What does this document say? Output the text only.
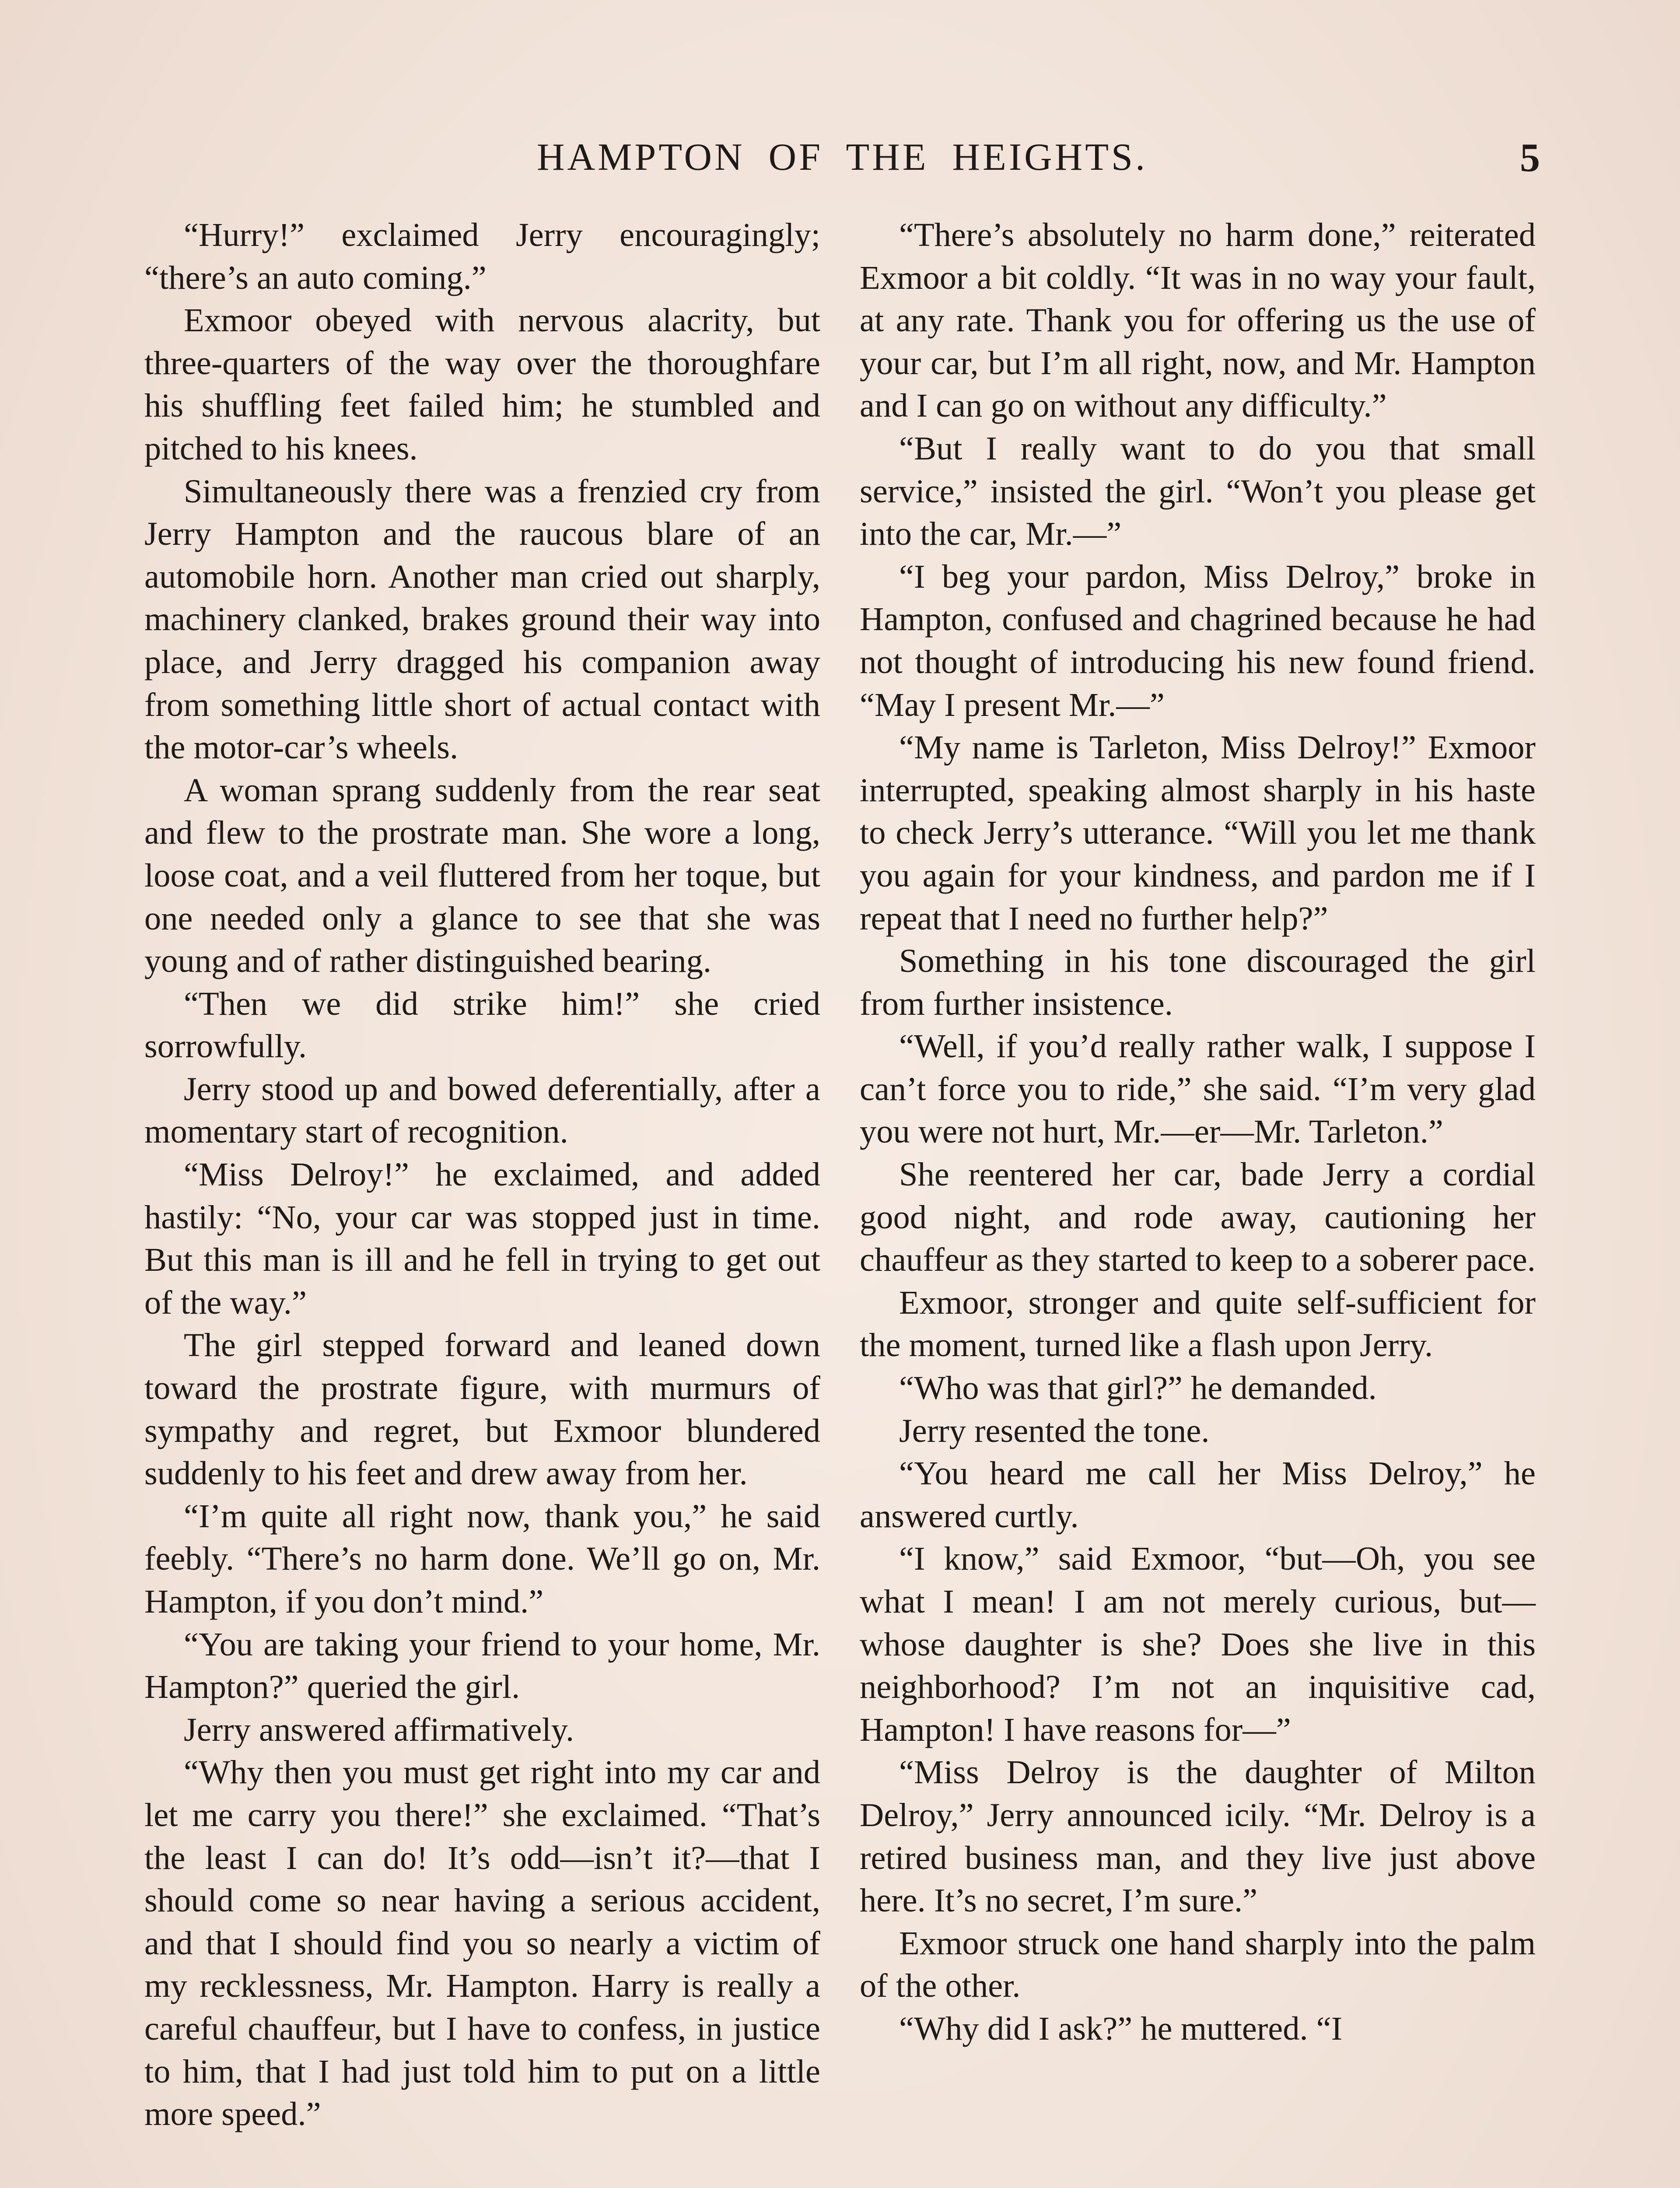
HAMPTON OF THE HEIGHTS.	5

“Hurry!” exclaimed Jerry encouragingly; “there’s an auto coming.”

Exmoor obeyed with nervous alacrity, but three-quarters of the way over the thoroughfare his shuffling feet failed him; he stumbled and pitched to his knees.

Simultaneously there was a frenzied cry from Jerry Hampton and the raucous blare of an automobile horn. Another man cried out sharply, machinery clanked, brakes ground their way into place, and Jerry dragged his companion away from something little short of actual contact with the motor-car’s wheels.

A woman sprang suddenly from the rear seat and flew to the prostrate man. She wore a long, loose coat, and a veil fluttered from her toque, but one needed only a glance to see that she was young and of rather distinguished bearing.

“Then we did strike him!” she cried sorrowfully.

Jerry stood up and bowed deferentially, after a momentary start of recognition.

“Miss Delroy!” he exclaimed, and added hastily: “No, your car was stopped just in time. But this man is ill and he fell in trying to get out of the way.”

The girl stepped forward and leaned down toward the prostrate figure, with murmurs of sympathy and regret, but Exmoor blundered suddenly to his feet and drew away from her.

“I’m quite all right now, thank you,” he said feebly. “There’s no harm done. We’ll go on, Mr. Hampton, if you don’t mind.”

“You are taking your friend to your home, Mr. Hampton?” queried the girl.

Jerry answered affirmatively.

“Why then you must get right into my car and let me carry you there!” she exclaimed. “That’s the least I can do! It’s odd—isn’t it?—that I should come so near having a serious accident, and that I should find you so nearly a victim of my recklessness, Mr. Hampton. Harry is really a careful chauffeur, but I have to confess, in justice to him, that I had just told him to put on a little more speed.”

“There’s absolutely no harm done,” reiterated Exmoor a bit coldly. “It was in no way your fault, at any rate. Thank you for offering us the use of your car, but I’m all right, now, and Mr. Hampton and I can go on without any difficulty.”

“But I really want to do you that small service,” insisted the girl. “Won’t you please get into the car, Mr.—”

“I beg your pardon, Miss Delroy,” broke in Hampton, confused and chagrined because he had not thought of introducing his new found friend. “May I present Mr.—”

“My name is Tarleton, Miss Delroy!” Exmoor interrupted, speaking almost sharply in his haste to check Jerry’s utterance. “Will you let me thank you again for your kindness, and pardon me if I repeat that I need no further help?”

Something in his tone discouraged the girl from further insistence.

“Well, if you’d really rather walk, I suppose I can’t force you to ride,” she said. “I’m very glad you were not hurt, Mr.—er—Mr. Tarleton.”

She reentered her car, bade Jerry a cordial good night, and rode away, cautioning her chauffeur as they started to keep to a soberer pace.

Exmoor, stronger and quite self-sufficient for the moment, turned like a flash upon Jerry.

“Who was that girl?” he demanded.

Jerry resented the tone.

“You heard me call her Miss Delroy,” he answered curtly.

“I know,” said Exmoor, “but—Oh, you see what I mean! I am not merely curious, but—whose daughter is she? Does she live in this neighborhood? I’m not an inquisitive cad, Hampton! I have reasons for—”

“Miss Delroy is the daughter of Milton Delroy,” Jerry announced icily. “Mr. Delroy is a retired business man, and they live just above here. It’s no secret, I’m sure.”

Exmoor struck one hand sharply into the palm of the other.

“Why did I ask?” he muttered. “I
